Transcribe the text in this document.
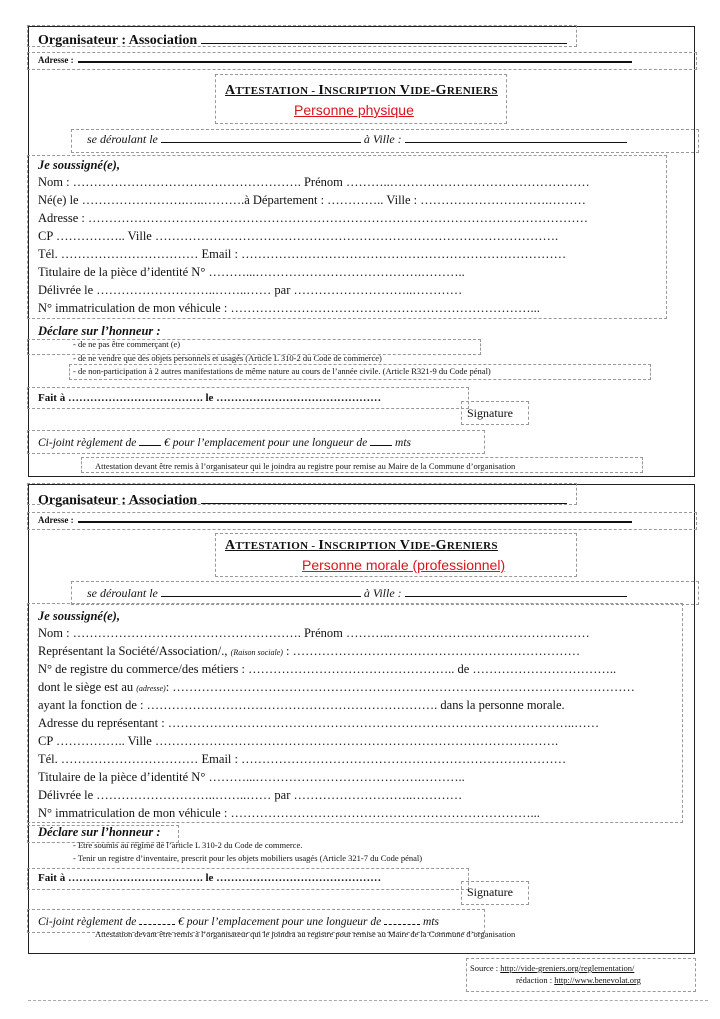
Organisateur : Association
Adresse :
ATTESTATION - INSCRIPTION VIDE-GRENIERS
Personne physique
se déroulant le	à Ville :
Je soussigné(e),
Nom : ………………………………………………. Prénom ………..…………………………………………
Né(e) le …………………….…..……….à Département : ………….. Ville : ………………………….………
Adresse : …………………………………………………………………………………………………………
CP …………….. Ville …………………………………………………………………………………….
Tél. …………………………… Email : ……………………………………………………………………
Titulaire de la pièce d’identité N° ………...………………………………….………..
Délivrée le ………………………..……..…… par ………………………..…………
N° immatriculation de mon véhicule : ………………………………………………………………...
Déclare sur l’honneur :
- de ne pas être commerçant (e)
- de ne vendre que des objets personnels et usagés (Article L 310-2 du Code de commerce)
- de non-participation à 2 autres manifestations de même nature au cours de l’année civile. (Article R321-9 du Code pénal)
Fait à ………………………………. le ………………………………………
Signature
Ci-joint règlement de € pour l’emplacement pour une longueur de mts
Attestation devant être remis à l’organisateur qui le joindra au registre pour remise au Maire de la Commune d’organisation
Organisateur : Association
Adresse :
ATTESTATION - INSCRIPTION VIDE-GRENIERS
Personne morale (professionnel)
se déroulant le	à Ville :
Je soussigné(e),
Nom : ………………………………………………. Prénom ………..…………………………………………
Représentant la Société/Association/., (Raison sociale) : ……………………………………………………………
N° de registre du commerce/des métiers : ………………………………………….. de ……………………………..
dont le siège est au (adresse): …………………………………………………………………………………………………
ayant la fonction de : ……………………………………………………………. dans la personne morale.
Adresse du représentant : ……………………………………………………………………………………..……
CP …………….. Ville …………………………………………………………………………………….
Tél. …………………………… Email : ……………………………………………………………………
Titulaire de la pièce d’identité N° ………...………………………………….………..
Délivrée le ………………………..……..…… par ………………………..…………
N° immatriculation de mon véhicule : ………………………………………………………………...
Déclare sur l’honneur :
- Etre soumis au régime de l’article L 310-2 du Code de commerce.
- Tenir un registre d’inventaire, prescrit pour les objets mobiliers usagés (Article 321-7 du Code pénal)
Fait à ………………………………. le ………………………………………
Signature
Ci-joint règlement de	€ pour l’emplacement pour une longueur de	mts
Attestation devant être remis à l’organisateur qui le joindra au registre pour remise au Maire de la Commune d’organisation
Source : http://vide-greniers.org/reglementation/
rédaction : http://www.benevolat.org
